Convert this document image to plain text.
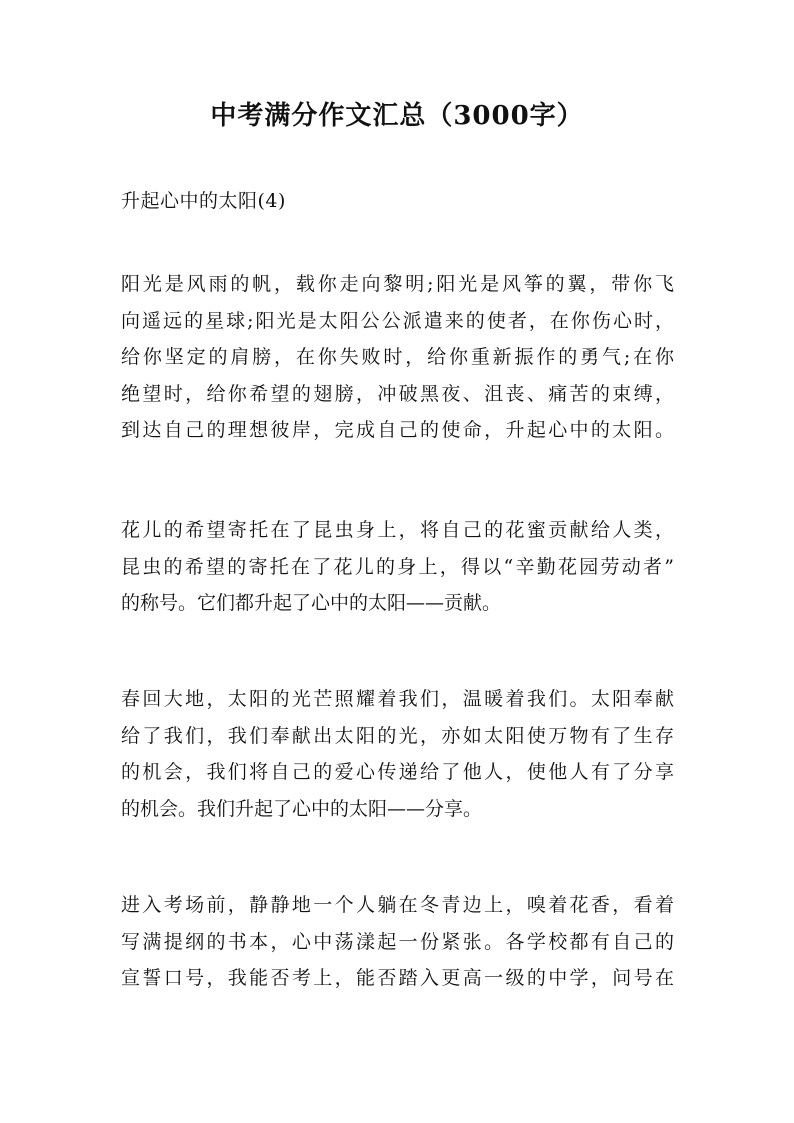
中考满分作文汇总（3000字）
升起心中的太阳(4)
阳光是风雨的帆，载你走向黎明;阳光是风筝的翼，带你飞
向遥远的星球;阳光是太阳公公派遣来的使者，在你伤心时，
给你坚定的肩膀，在你失败时，给你重新振作的勇气;在你
绝望时，给你希望的翅膀，冲破黑夜、沮丧、痛苦的束缚，
到达自己的理想彼岸，完成自己的使命，升起心中的太阳。
花儿的希望寄托在了昆虫身上，将自己的花蜜贡献给人类，
昆虫的希望的寄托在了花儿的身上，得以“辛勤花园劳动者”
的称号。它们都升起了心中的太阳——贡献。
春回大地，太阳的光芒照耀着我们，温暖着我们。太阳奉献
给了我们，我们奉献出太阳的光，亦如太阳使万物有了生存
的机会，我们将自己的爱心传递给了他人，使他人有了分享
的机会。我们升起了心中的太阳——分享。
进入考场前，静静地一个人躺在冬青边上，嗅着花香，看着
写满提纲的书本，心中荡漾起一份紧张。各学校都有自己的
宣誓口号，我能否考上，能否踏入更高一级的中学，问号在
